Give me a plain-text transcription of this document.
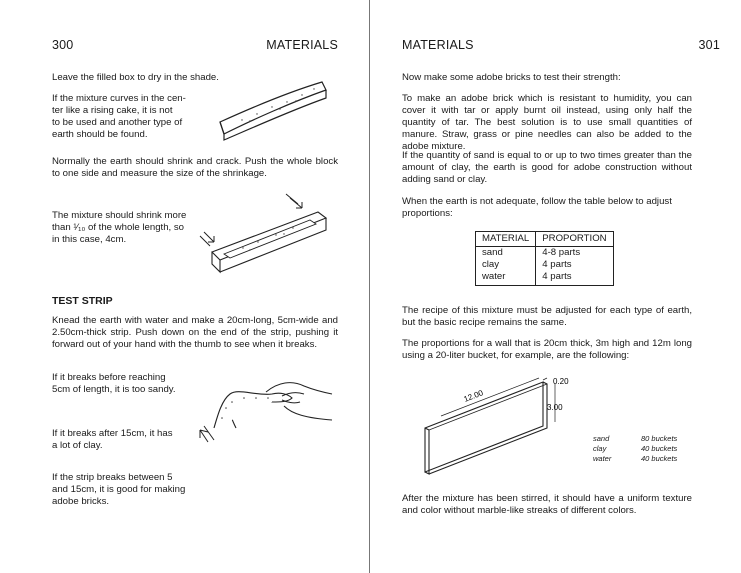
300	MATERIALS

Leave the filled box to dry in the shade.

If the mixture curves in the cen-
ter like a rising cake, it is not
to be used and another type of
earth should be found.

Normally the earth should shrink and crack. Push the whole block to one side and measure the size of the shrinkage.

The mixture should shrink more
than ¹⁄₁₀ of the whole length, so
in this case, 4cm.
TEST STRIP

Knead the earth with water and make a 20cm-long, 5cm-wide and 2.50cm-thick strip. Push down on the end of the strip, pushing it forward out of your hand with the thumb to see when it breaks.

If it breaks before reaching
5cm of length, it is too sandy.
If it breaks after 15cm, it has
a lot of clay.
If the strip breaks between 5
and 15cm, it is good for making
adobe bricks.
MATERIALS	301

Now make some adobe bricks to test their strength:

To make an adobe brick which is resistant to humidity, you can cover it with tar or apply burnt oil instead, using only half the quantity of tar. The best solution is to use small quantities of manure. Straw, grass or pine needles can also be added to the adobe mixture.

If the quantity of sand is equal to or up to two times greater than the amount of clay, the earth is good for adobe construction without adding sand or clay.

When the earth is not adequate, follow the table below to adjust proportions:

MATERIAL	PROPORTION
sand	4-8 parts
clay	4 parts
water	4 parts

The recipe of this mixture must be adjusted for each type of earth, but the basic recipe remains the same.

The proportions for a wall that is 20cm thick, 3m high and 12m long using a 20-liter bucket, for example, are the following:

12.00
3.00
0.20
sand	80 buckets
clay	40 buckets
water	40 buckets

After the mixture has been stirred, it should have a uniform texture and color without marble-like streaks of different colors.
